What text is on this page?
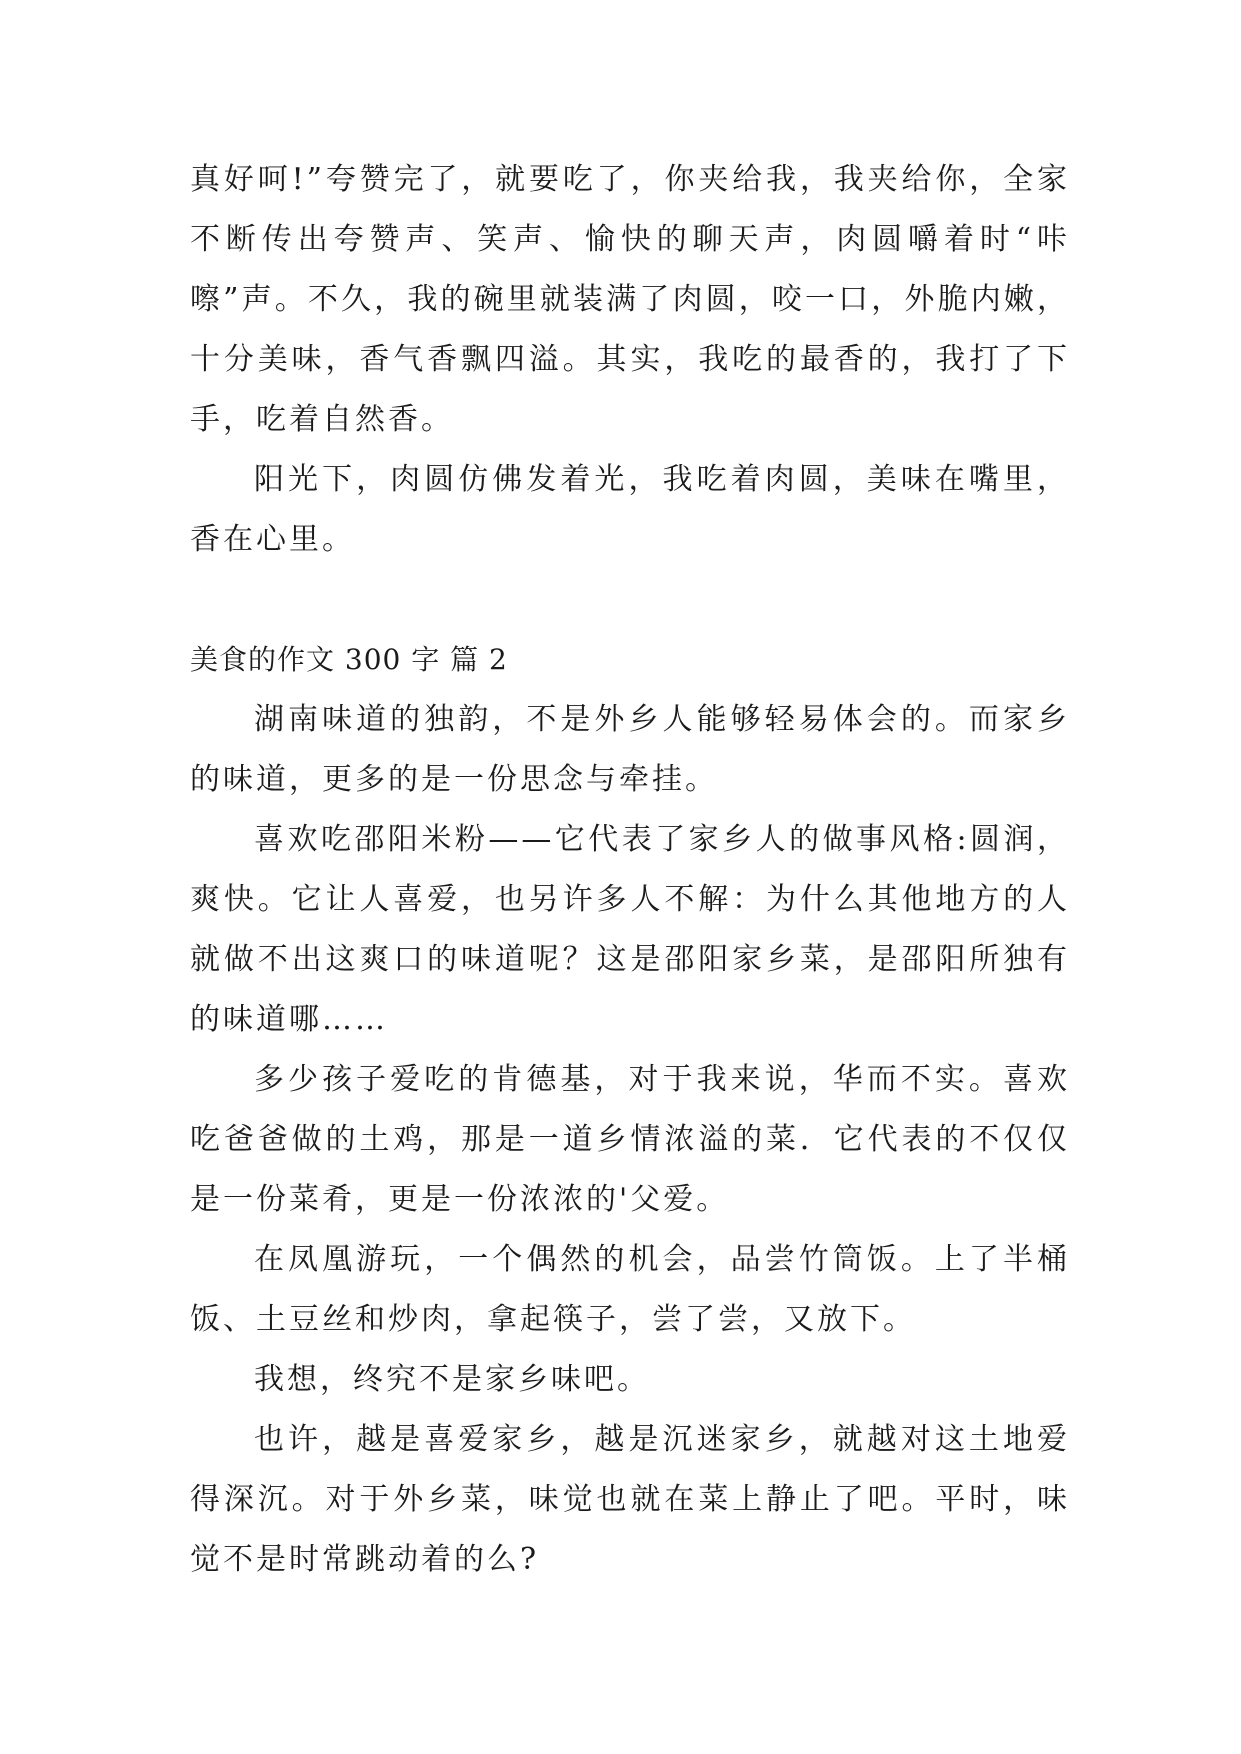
真好呵!”夸赞完了，就要吃了，你夹给我，我夹给你，全家不断传出夸赞声、笑声、愉快的聊天声，肉圆嚼着时“咔嚓”声。不久，我的碗里就装满了肉圆，咬一口，外脆内嫩，十分美味，香气香飘四溢。其实，我吃的最香的，我打了下手，吃着自然香。

阳光下，肉圆仿佛发着光，我吃着肉圆，美味在嘴里，香在心里。

美食的作文 300 字 篇 2

湖南味道的独韵，不是外乡人能够轻易体会的。而家乡的味道，更多的是一份思念与牵挂。

喜欢吃邵阳米粉——它代表了家乡人的做事风格:圆润，爽快。它让人喜爱，也另许多人不解：为什么其他地方的人就做不出这爽口的味道呢？这是邵阳家乡菜，是邵阳所独有的味道哪……

多少孩子爱吃的肯德基，对于我来说，华而不实。喜欢吃爸爸做的土鸡，那是一道乡情浓溢的菜．它代表的不仅仅是一份菜肴，更是一份浓浓的'父爱。

在凤凰游玩，一个偶然的机会，品尝竹筒饭。上了半桶饭、土豆丝和炒肉，拿起筷子，尝了尝，又放下。

我想，终究不是家乡味吧。

也许，越是喜爱家乡，越是沉迷家乡，就越对这土地爱得深沉。对于外乡菜，味觉也就在菜上静止了吧。平时，味觉不是时常跳动着的么?
